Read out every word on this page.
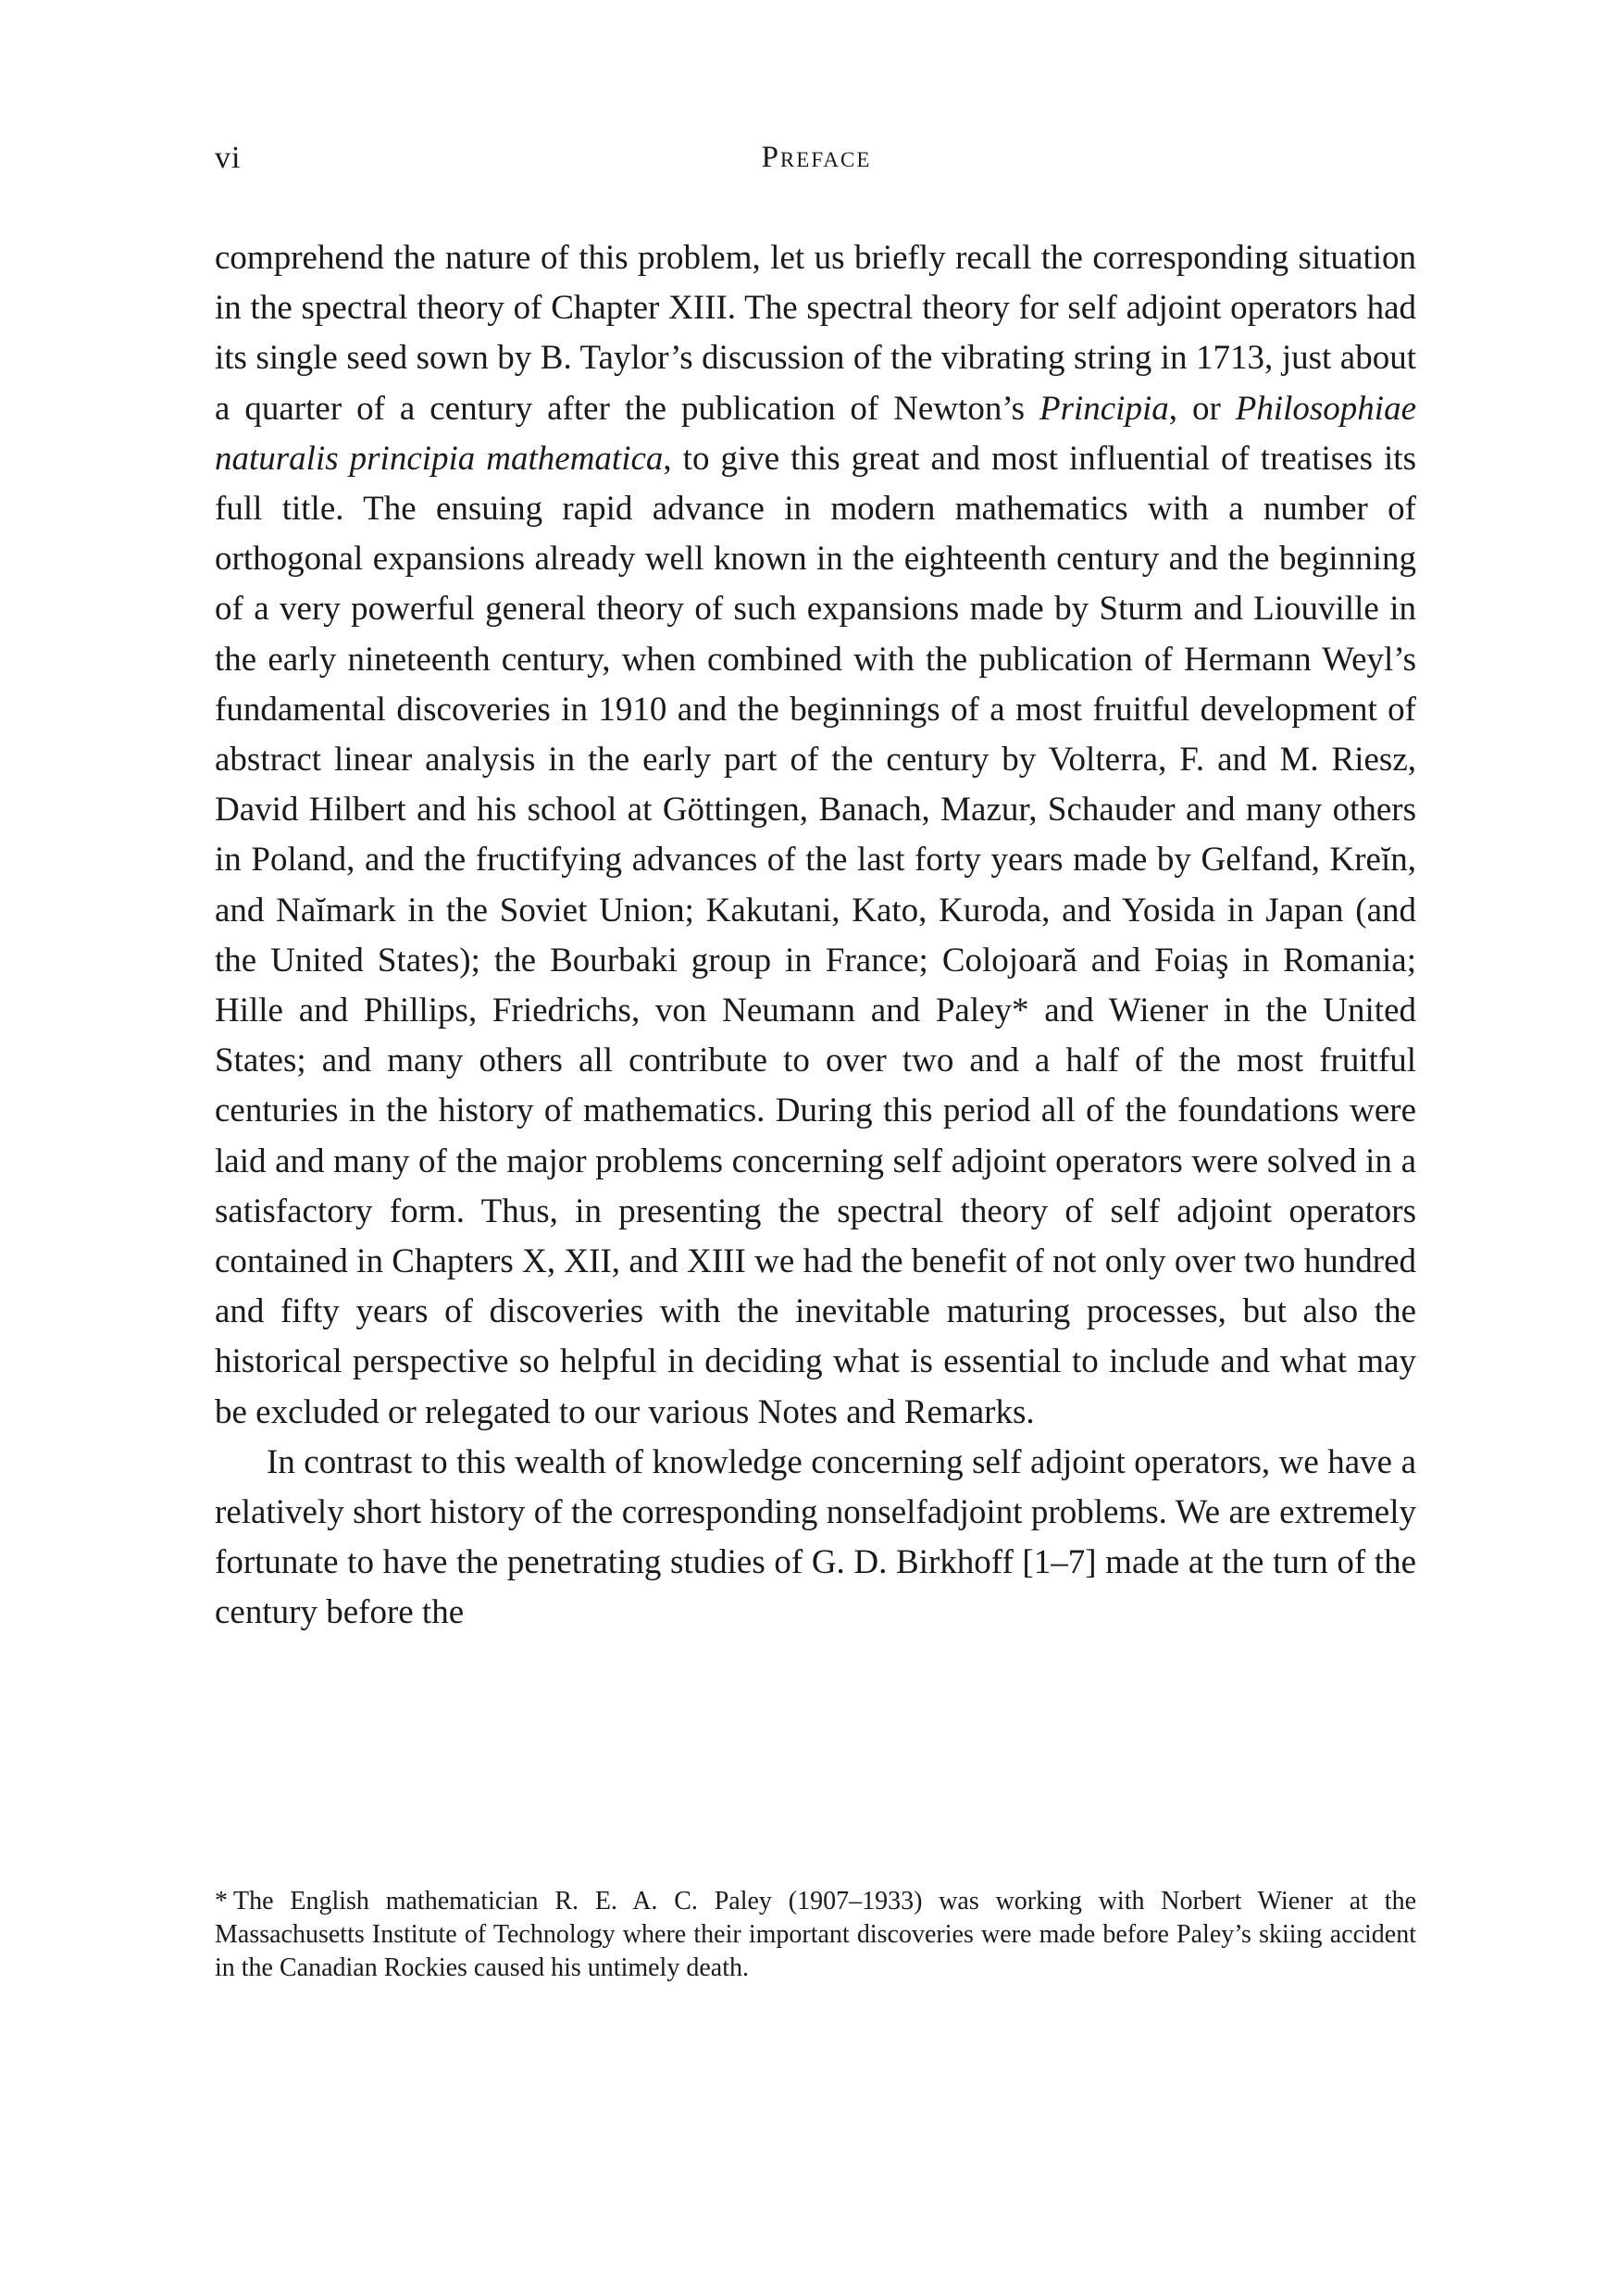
vi	Preface

comprehend the nature of this problem, let us briefly recall the corresponding situation in the spectral theory of Chapter XIII. The spectral theory for self adjoint operators had its single seed sown by B. Taylor’s discussion of the vibrating string in 1713, just about a quarter of a century after the publication of Newton’s Principia, or Philosophiae naturalis principia mathematica, to give this great and most influential of treatises its full title. The ensuing rapid advance in modern mathematics with a number of orthogonal expansions already well known in the eighteenth century and the beginning of a very powerful general theory of such expansions made by Sturm and Liouville in the early nineteenth century, when combined with the publication of Hermann Weyl’s fundamental discoveries in 1910 and the beginnings of a most fruitful development of abstract linear analysis in the early part of the century by Volterra, F. and M. Riesz, David Hilbert and his school at Göttingen, Banach, Mazur, Schauder and many others in Poland, and the fructifying advances of the last forty years made by Gelfand, Kreĭn, and Naĭmark in the Soviet Union; Kakutani, Kato, Kuroda, and Yosida in Japan (and the United States); the Bourbaki group in France; Colojoară and Foiaş in Romania; Hille and Phillips, Friedrichs, von Neumann and Paley* and Wiener in the United States; and many others all contribute to over two and a half of the most fruitful centuries in the history of mathematics. During this period all of the foundations were laid and many of the major problems concerning self adjoint operators were solved in a satisfactory form. Thus, in presenting the spectral theory of self adjoint operators contained in Chapters X, XII, and XIII we had the benefit of not only over two hundred and fifty years of discoveries with the inevitable maturing processes, but also the historical perspective so helpful in deciding what is essential to include and what may be excluded or relegated to our various Notes and Remarks.

In contrast to this wealth of knowledge concerning self adjoint operators, we have a relatively short history of the corresponding nonselfadjoint problems. We are extremely fortunate to have the penetrating studies of G. D. Birkhoff [1–7] made at the turn of the century before the

* The English mathematician R. E. A. C. Paley (1907–1933) was working with Norbert Wiener at the Massachusetts Institute of Technology where their important discoveries were made before Paley’s skiing accident in the Canadian Rockies caused his untimely death.
